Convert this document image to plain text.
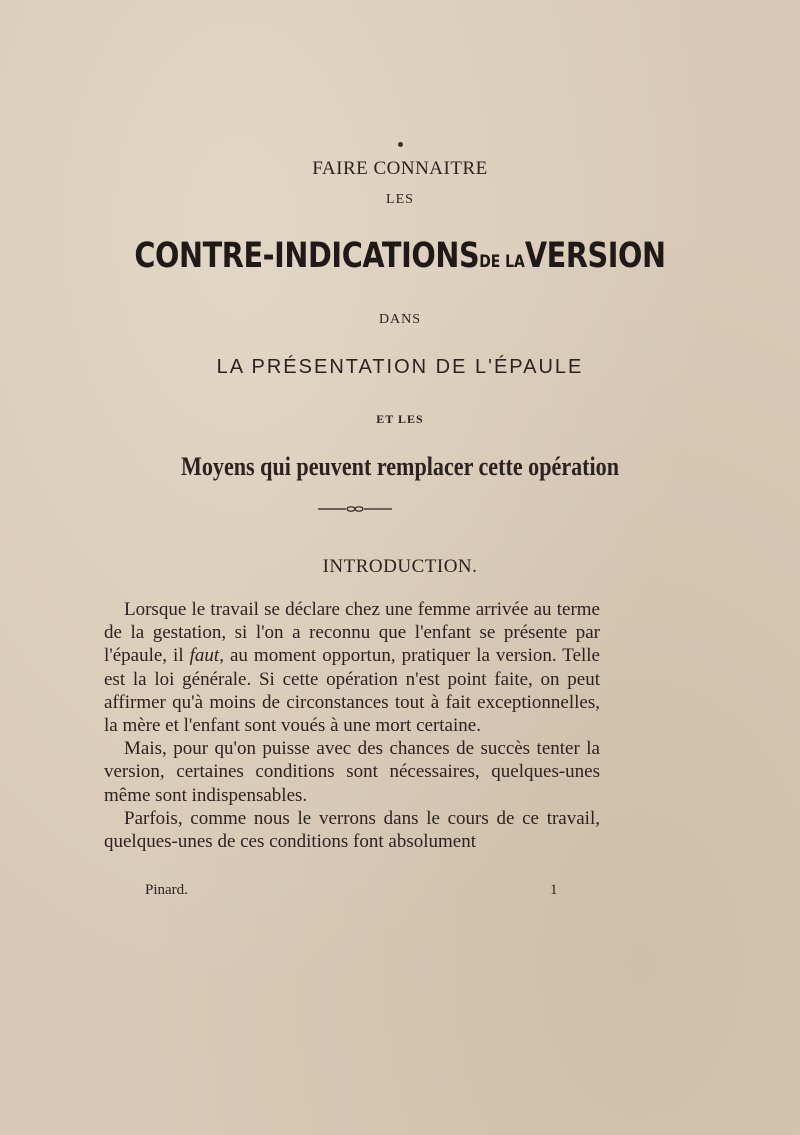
FAIRE CONNAITRE
LES
CONTRE-INDICATIONSDE LAVERSION
DANS
LA PRÉSENTATION DE L'ÉPAULE
ET LES
Moyens qui peuvent remplacer cette opération
INTRODUCTION.

Lorsque le travail se déclare chez une femme arrivée au terme de la gestation, si l'on a reconnu que l'enfant se présente par l'épaule, il faut, au moment opportun, pratiquer la version. Telle est la loi générale. Si cette opération n'est point faite, on peut affirmer qu'à moins de circonstances tout à fait exceptionnelles, la mère et l'enfant sont voués à une mort certaine.

Mais, pour qu'on puisse avec des chances de succès tenter la version, certaines conditions sont nécessaires, quelques-unes même sont indispensables.

Parfois, comme nous le verrons dans le cours de ce travail, quelques-unes de ces conditions font absolument

Pinard.	1
